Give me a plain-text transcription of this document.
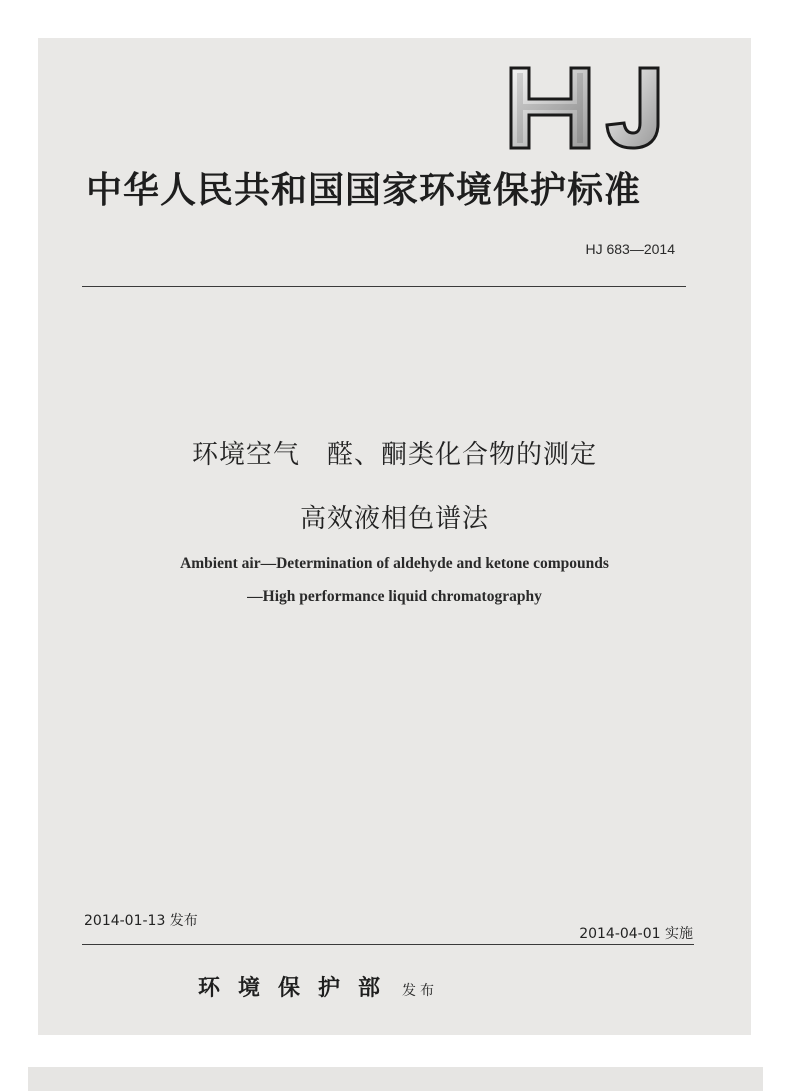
中华人民共和国国家环境保护标准
HJ 683—2014
环境空气　醛、酮类化合物的测定
高效液相色谱法
Ambient air—Determination of aldehyde and ketone compounds
—High performance liquid chromatography
2014-01-13 发布
2014-04-01 实施
环境保护部 发布
